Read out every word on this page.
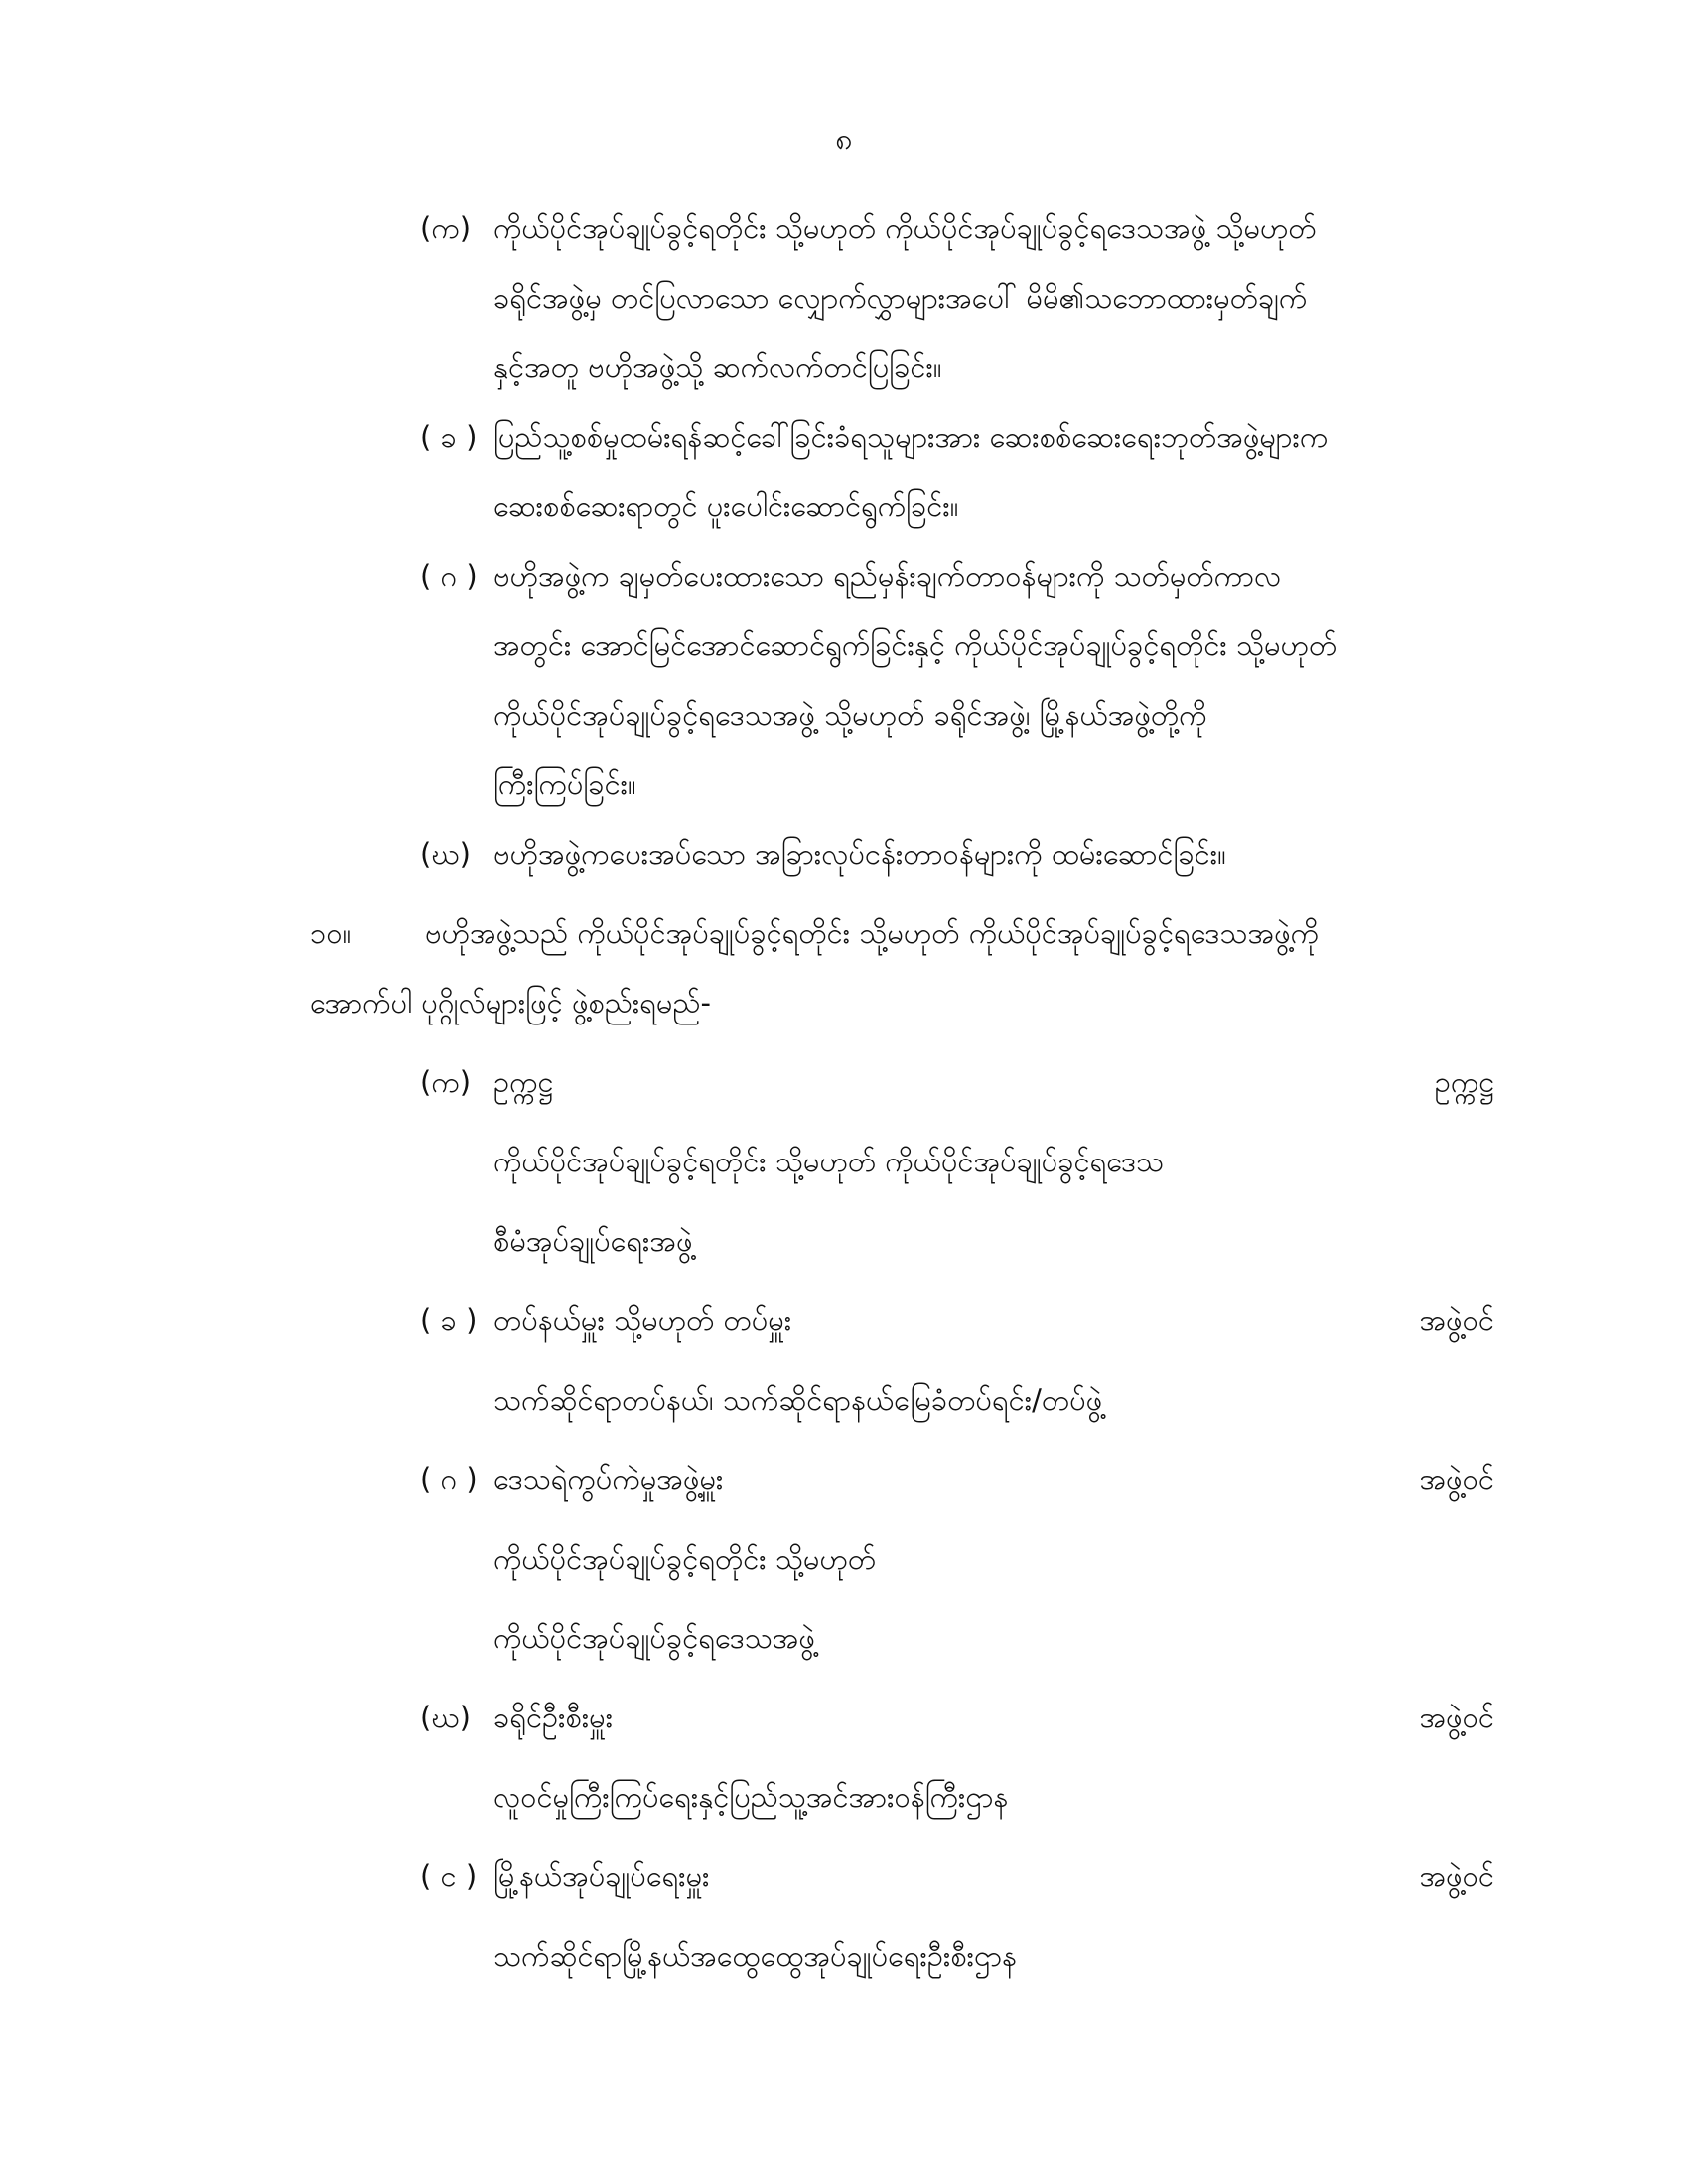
၈
(က) ကိုယ်ပိုင်အုပ်ချုပ်ခွင့်ရတိုင်း သို့မဟုတ် ကိုယ်ပိုင်အုပ်ချုပ်ခွင့်ရဒေသအဖွဲ့ သို့မဟုတ်
ခရိုင်အဖွဲ့မှ တင်ပြလာသော လျှောက်လွှာများအပေါ် မိမိ၏သဘောထားမှတ်ချက်
နှင့်အတူ ဗဟိုအဖွဲ့သို့ ဆက်လက်တင်ပြခြင်း။
( ခ ) ပြည်သူ့စစ်မှုထမ်းရန်ဆင့်ခေါ်ခြင်းခံရသူများအား ဆေးစစ်ဆေးရေးဘုတ်အဖွဲ့များက
ဆေးစစ်ဆေးရာတွင် ပူးပေါင်းဆောင်ရွက်ခြင်း။
( ဂ ) ဗဟိုအဖွဲ့က ချမှတ်ပေးထားသော ရည်မှန်းချက်တာဝန်များကို သတ်မှတ်ကာလ
အတွင်း အောင်မြင်အောင်ဆောင်ရွက်ခြင်းနှင့် ကိုယ်ပိုင်အုပ်ချုပ်ခွင့်ရတိုင်း သို့မဟုတ်
ကိုယ်ပိုင်အုပ်ချုပ်ခွင့်ရဒေသအဖွဲ့ သို့မဟုတ် ခရိုင်အဖွဲ့၊ မြို့နယ်အဖွဲ့တို့ကို
ကြီးကြပ်ခြင်း။
(ဃ) ဗဟိုအဖွဲ့ကပေးအပ်သော အခြားလုပ်ငန်းတာဝန်များကို ထမ်းဆောင်ခြင်း။
၁၀။	ဗဟိုအဖွဲ့သည် ကိုယ်ပိုင်အုပ်ချုပ်ခွင့်ရတိုင်း သို့မဟုတ် ကိုယ်ပိုင်အုပ်ချုပ်ခွင့်ရဒေသအဖွဲ့ကို
အောက်ပါ ပုဂ္ဂိုလ်များဖြင့် ဖွဲ့စည်းရမည်-
(က) ဥက္ကဋ္ဌ	ဥက္ကဋ္ဌ
ကိုယ်ပိုင်အုပ်ချုပ်ခွင့်ရတိုင်း သို့မဟုတ် ကိုယ်ပိုင်အုပ်ချုပ်ခွင့်ရဒေသ
စီမံအုပ်ချုပ်ရေးအဖွဲ့
( ခ ) တပ်နယ်မှူး သို့မဟုတ် တပ်မှူး	အဖွဲ့ဝင်
သက်ဆိုင်ရာတပ်နယ်၊ သက်ဆိုင်ရာနယ်မြေခံတပ်ရင်း/တပ်ဖွဲ့
( ဂ ) ဒေသရဲကွပ်ကဲမှုအဖွဲ့မှူး	အဖွဲ့ဝင်
ကိုယ်ပိုင်အုပ်ချုပ်ခွင့်ရတိုင်း သို့မဟုတ်
ကိုယ်ပိုင်အုပ်ချုပ်ခွင့်ရဒေသအဖွဲ့
(ဃ) ခရိုင်ဦးစီးမှူး	အဖွဲ့ဝင်
လူဝင်မှုကြီးကြပ်ရေးနှင့်ပြည်သူ့အင်အားဝန်ကြီးဌာန
( င ) မြို့နယ်အုပ်ချုပ်ရေးမှူး	အဖွဲ့ဝင်
သက်ဆိုင်ရာမြို့နယ်အထွေထွေအုပ်ချုပ်ရေးဦးစီးဌာန
